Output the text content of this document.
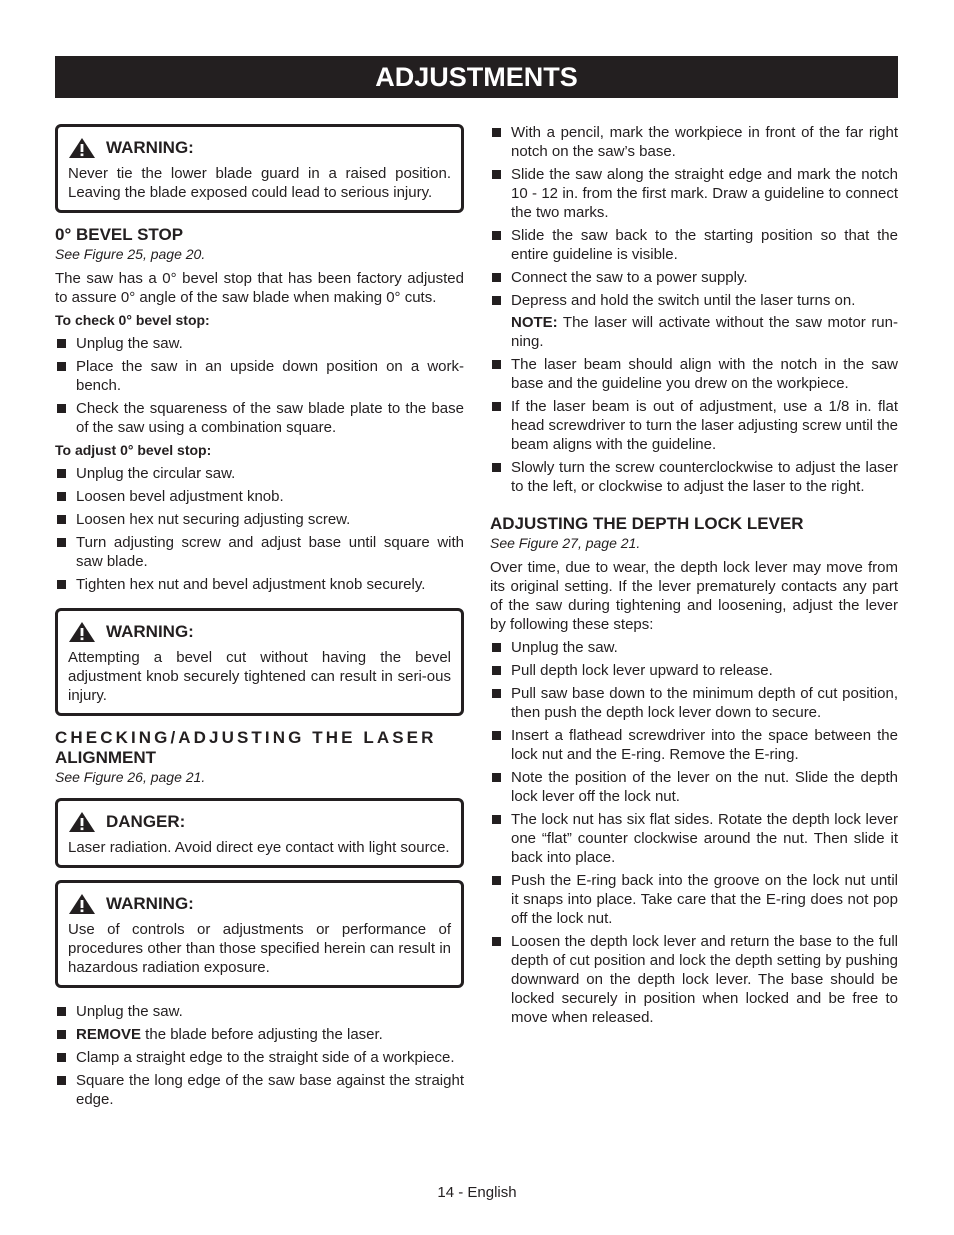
ADJUSTMENTS
WARNING:
Never tie the lower blade guard in a raised position. Leaving the blade exposed could lead to serious injury.
0° BEVEL STOP
See Figure 25, page 20.

The saw has a 0° bevel stop that has been factory adjusted to assure 0° angle of the saw blade when making 0° cuts.

To check 0° bevel stop:
Unplug the saw.
Place the saw in an upside down position on a work-bench.
Check the squareness of the saw blade plate to the base of the saw using a combination square.
To adjust 0° bevel stop:
Unplug the circular saw.
Loosen bevel adjustment knob.
Loosen hex nut securing adjusting screw.
Turn adjusting screw and adjust base until square with saw blade.
Tighten hex nut and bevel adjustment knob securely.
WARNING:
Attempting a bevel cut without having the bevel adjustment knob securely tightened can result in seri-ous injury.
CHECKING/ADJUSTING THE LASER
ALIGNMENT
See Figure 26, page 21.
DANGER:
Laser radiation. Avoid direct eye contact with light source.
WARNING:
Use of controls or adjustments or performance of procedures other than those specified herein can result in hazardous radiation exposure.
Unplug the saw.
REMOVE the blade before adjusting the laser.
Clamp a straight edge to the straight side of a workpiece.
Square the long edge of the saw base against the straight edge.
With a pencil, mark the workpiece in front of the far right notch on the saw’s base.
Slide the saw along the straight edge and mark the notch 10 - 12 in. from the first mark. Draw a guideline to connect the two marks.
Slide the saw back to the starting position so that the entire guideline is visible.
Connect the saw to a power supply.
Depress and hold the switch until the laser turns on.
NOTE: The laser will activate without the saw motor run-ning.
The laser beam should align with the notch in the saw base and the guideline you drew on the workpiece.
If the laser beam is out of adjustment, use a 1/8 in. flat head screwdriver to turn the laser adjusting screw until the beam aligns with the guideline.
Slowly turn the screw counterclockwise to adjust the laser to the left, or clockwise to adjust the laser to the right.
ADJUSTING THE DEPTH LOCK LEVER
See Figure 27, page 21.

Over time, due to wear, the depth lock lever may move from its original setting. If the lever prematurely contacts any part of the saw during tightening and loosening, adjust the lever by following these steps:

Unplug the saw.
Pull depth lock lever upward to release.
Pull saw base down to the minimum depth of cut position, then push the depth lock lever down to secure.
Insert a flathead screwdriver into the space between the lock nut and the E-ring. Remove the E-ring.
Note the position of the lever on the nut. Slide the depth lock lever off the lock nut.
The lock nut has six flat sides. Rotate the depth lock lever one “flat” counter clockwise around the nut. Then slide it back into place.
Push the E-ring back into the groove on the lock nut until it snaps into place. Take care that the E-ring does not pop off the lock nut.
Loosen the depth lock lever and return the base to the full depth of cut position and lock the depth setting by pushing downward on the depth lock lever. The base should be locked securely in position when locked and be free to move when released.
14 - English
